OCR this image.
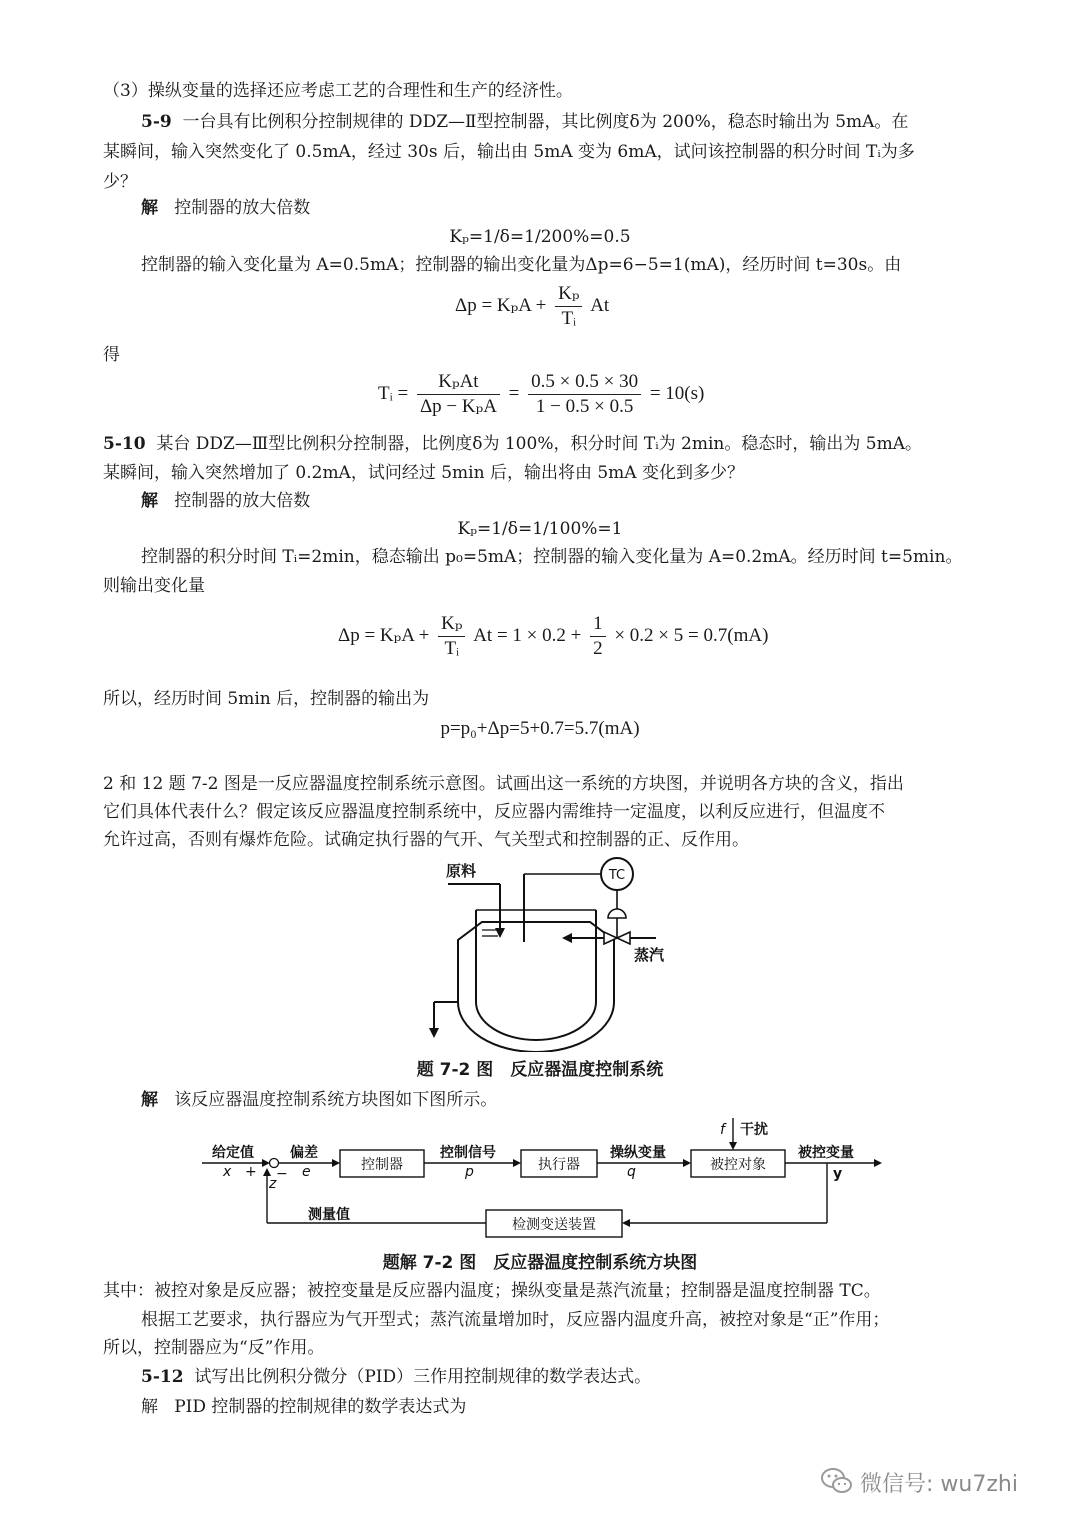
（3）操纵变量的选择还应考虑工艺的合理性和生产的经济性。
5-9 一台具有比例积分控制规律的 DDZ—Ⅱ型控制器，其比例度δ为 200%，稳态时输出为 5mA。在
某瞬间，输入突然变化了 0.5mA，经过 30s 后，输出由 5mA 变为 6mA，试问该控制器的积分时间 Tᵢ为多
少？
解 控制器的放大倍数
Kₚ=1/δ=1/200%=0.5
控制器的输入变化量为 A=0.5mA；控制器的输出变化量为Δp=6−5=1(mA)，经历时间 t=30s。由
$\Delta p = K_pA + \frac{\text{Kₚ}}{\text{Tᵢ}}$ At
得
Tᵢ = $\frac{\text{KₚAt}}{\text{Δp − KₚA}} = \frac{0.5 \times 0.5 \times 30}{1 - 0.5 \times 0.5} = 10(s)$
5-10 某台 DDZ—Ⅲ型比例积分控制器，比例度δ为 100%，积分时间 Tᵢ为 2min。稳态时，输出为 5mA。
某瞬间，输入突然增加了 0.2mA，试问经过 5min 后，输出将由 5mA 变化到多少？
解 控制器的放大倍数
Kₚ=1/δ=1/100%=1
控制器的积分时间 Tᵢ=2min，稳态输出 p₀=5mA；控制器的输入变化量为 A=0.2mA。经历时间 t=5min。
则输出变化量
$\Delta p = K_pA + \frac{\text{Kₚ}}{\text{Tᵢ}}$ $At = 1 \times 0.2 + \frac{1}{2} \times 0.2 \times 5 = 0.7(mA)$
所以，经历时间 5min 后，控制器的输出为
p=p₀+Δp=5+0.7=5.7(mA)
2 和 12 题 7-2 图是一反应器温度控制系统示意图。试画出这一系统的方块图，并说明各方块的含义，指出
它们具体代表什么？假定该反应器温度控制系统中，反应器内需维持一定温度，以利反应进行，但温度不
允许过高，否则有爆炸危险。试确定执行器的气开、气关型式和控制器的正、反作用。
原料	TC
蒸汽
题 7-2 图　反应器温度控制系统
解 该反应器温度控制系统方块图如下图所示。
给定值
x + −
z
偏差
e	控制器
控制信号
p	执行器
操纵变量
q
f 干扰
被控对象
被控变量
y
检测变送装置
测量值
题解 7-2 图　反应器温度控制系统方块图
其中：被控对象是反应器；被控变量是反应器内温度；操纵变量是蒸汽流量；控制器是温度控制器 TC。
根据工艺要求，执行器应为气开型式；蒸汽流量增加时，反应器内温度升高，被控对象是“正”作用；
所以，控制器应为“反”作用。
5-12 试写出比例积分微分（PID）三作用控制规律的数学表达式。
解 PID 控制器的控制规律的数学表达式为
微信号: wu7zhi
